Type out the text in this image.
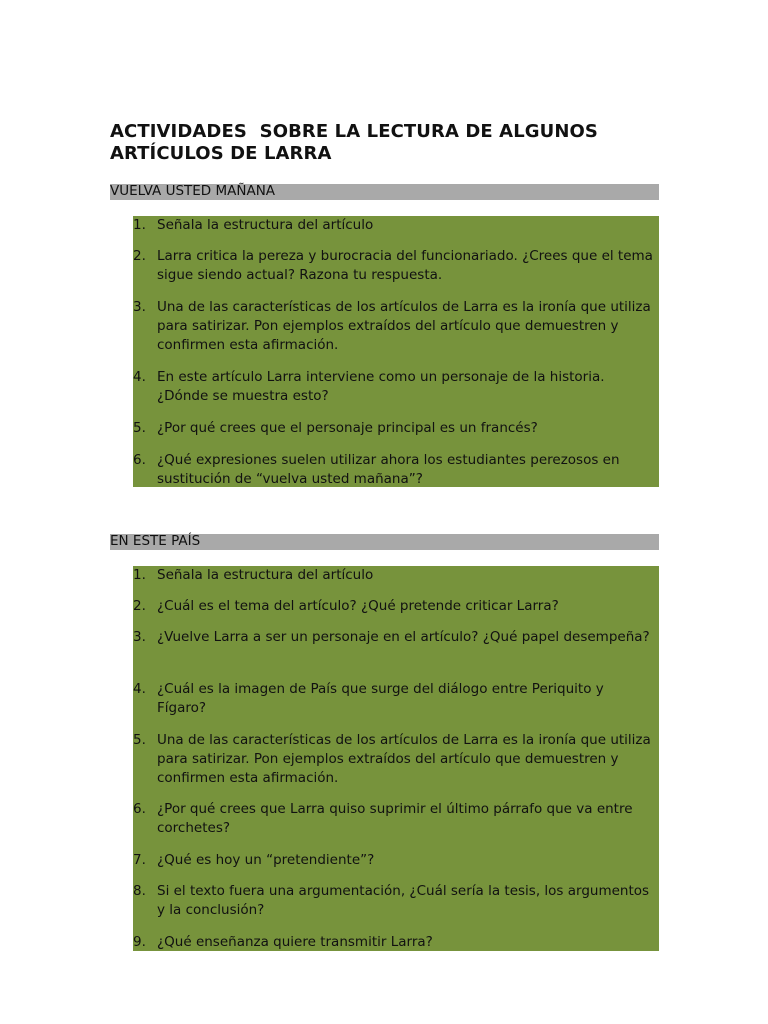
ACTIVIDADES  SOBRE LA LECTURA DE ALGUNOS
ARTÍCULOS DE LARRA
VUELVA USTED MAÑANA
1. Señala la estructura del artículo
2. Larra critica la pereza y burocracia del funcionariado. ¿Crees que el tema sigue siendo actual? Razona tu respuesta.
3. Una de las características de los artículos de Larra es la ironía que utiliza para satirizar. Pon ejemplos extraídos del artículo que demuestren y confirmen esta afirmación.
4. En este artículo Larra interviene como un personaje de la historia. ¿Dónde se muestra esto?
5. ¿Por qué crees que el personaje principal es un francés?
6. ¿Qué expresiones suelen utilizar ahora los estudiantes perezosos en sustitución de “vuelva usted mañana”?
EN ESTE PAÍS
1. Señala la estructura del artículo
2. ¿Cuál es el tema del artículo? ¿Qué pretende criticar Larra?
3. ¿Vuelve Larra a ser un personaje en el artículo? ¿Qué papel desempeña?
4. ¿Cuál es la imagen de País que surge del diálogo entre Periquito y Fígaro?
5. Una de las características de los artículos de Larra es la ironía que utiliza para satirizar. Pon ejemplos extraídos del artículo que demuestren y confirmen esta afirmación.
6. ¿Por qué crees que Larra quiso suprimir el último párrafo que va entre corchetes?
7. ¿Qué es hoy un “pretendiente”?
8. Si el texto fuera una argumentación, ¿Cuál sería la tesis, los argumentos y la conclusión?
9. ¿Qué enseñanza quiere transmitir Larra?
